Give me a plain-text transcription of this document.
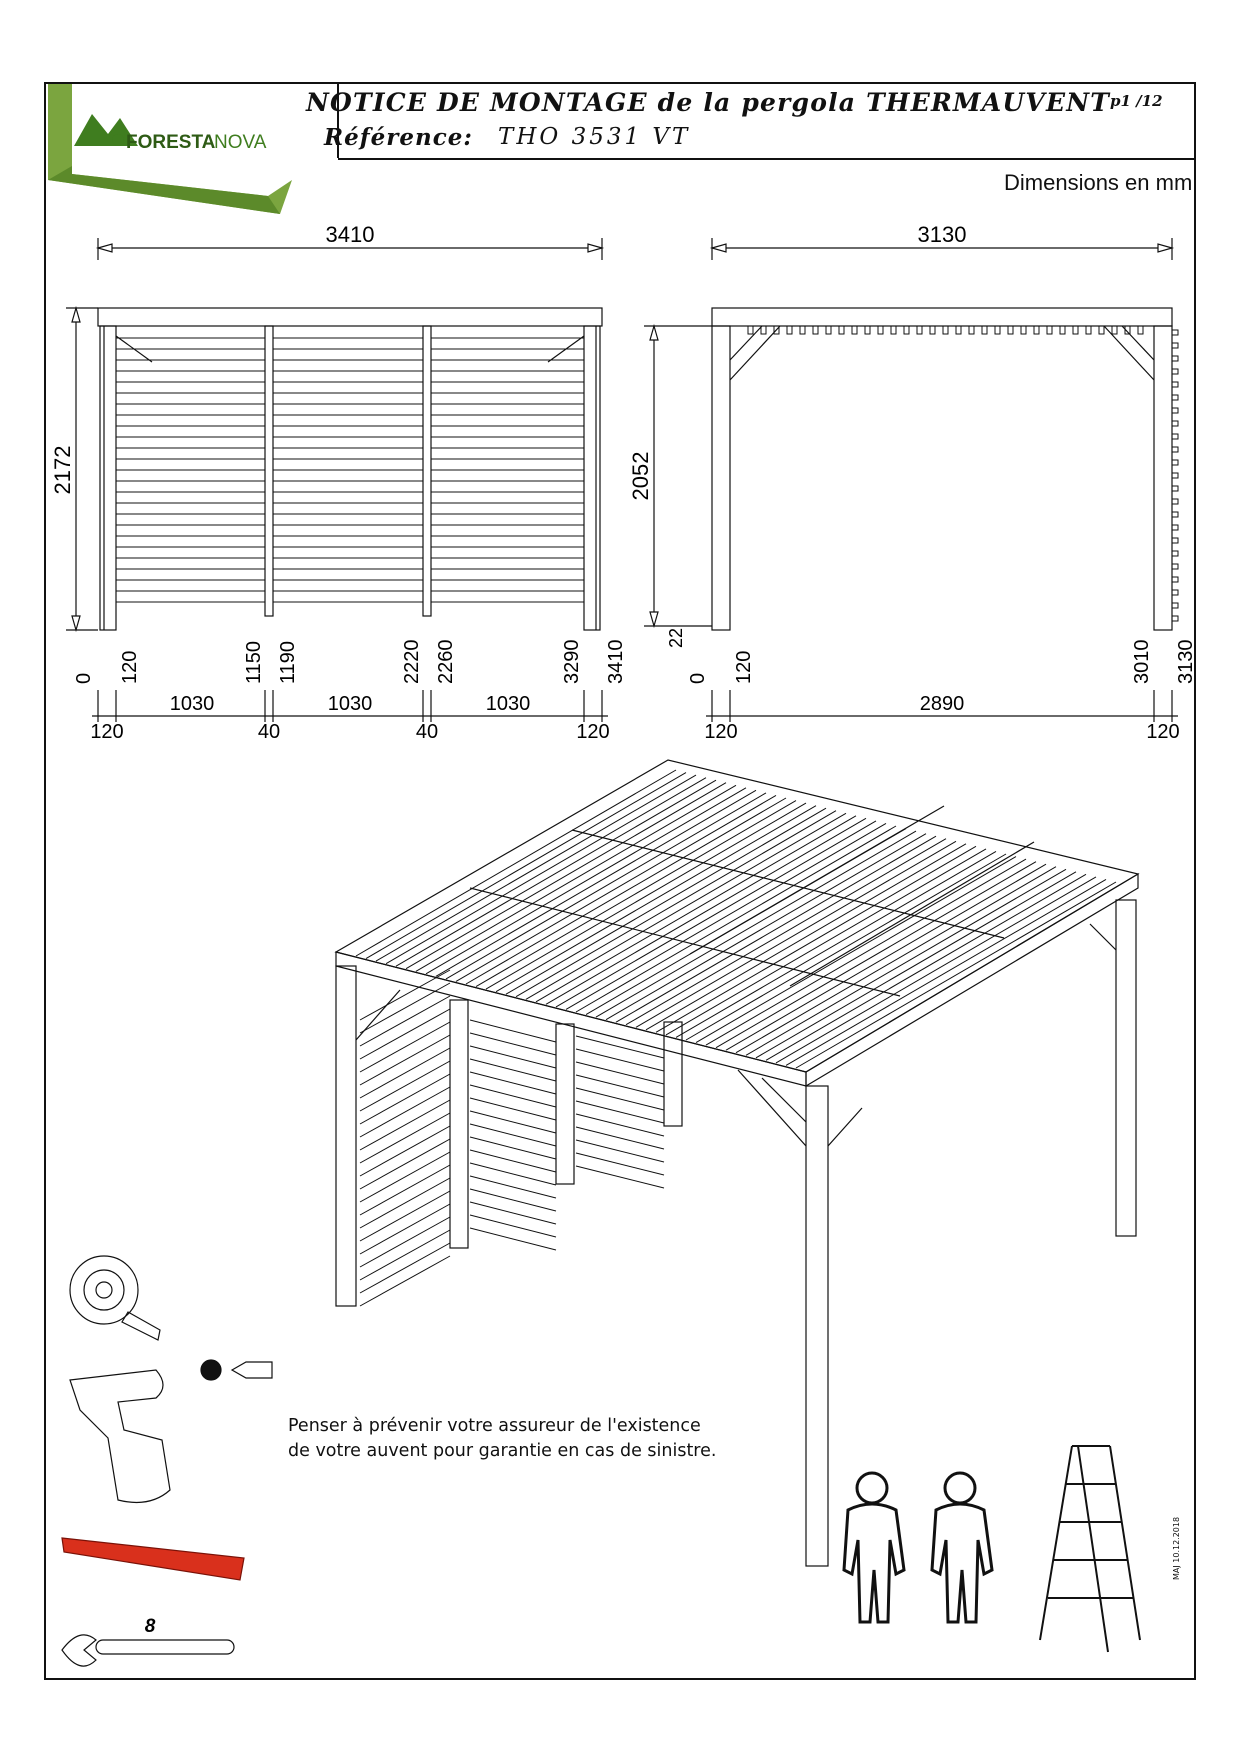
FORESTA
NOVA
NOTICE DE MONTAGE de la pergola THERMAUVENT p1 /12
Référence: THO 3531 VT
Dimensions en mm
3410
2172
0 120	1150 1190	2220 2260	3290 3410
1030	1030	1030
120	40	40	120
3130
2052
22
0 120	3010 3130
2890
120	120
8
Penser à prévenir votre assureur de l'existence
de votre auvent pour garantie en cas de sinistre.
MAJ 10.12.2018
